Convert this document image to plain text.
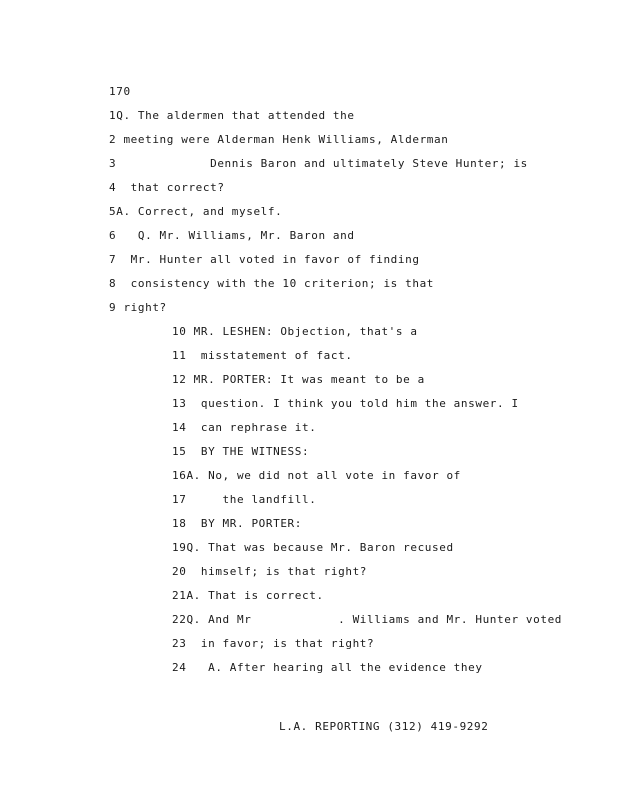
170
1Q. The aldermen that attended the
2 meeting were Alderman Henk Williams, Alderman
3             Dennis Baron and ultimately Steve Hunter; is
4  that correct?
5A. Correct, and myself.
6   Q. Mr. Williams, Mr. Baron and
7  Mr. Hunter all voted in favor of finding
8  consistency with the 10 criterion; is that
9 right?
10 MR. LESHEN: Objection, that's a
11  misstatement of fact.
12 MR. PORTER: It was meant to be a
13  question. I think you told him the answer. I
14  can rephrase it.
15  BY THE WITNESS:
16A. No, we did not all vote in favor of
17     the landfill.
18  BY MR. PORTER:
19Q. That was because Mr. Baron recused
20  himself; is that right?
21A. That is correct.
22Q. And Mr            . Williams and Mr. Hunter voted
23  in favor; is that right?
24   A. After hearing all the evidence they
L.A. REPORTING (312) 419-9292
